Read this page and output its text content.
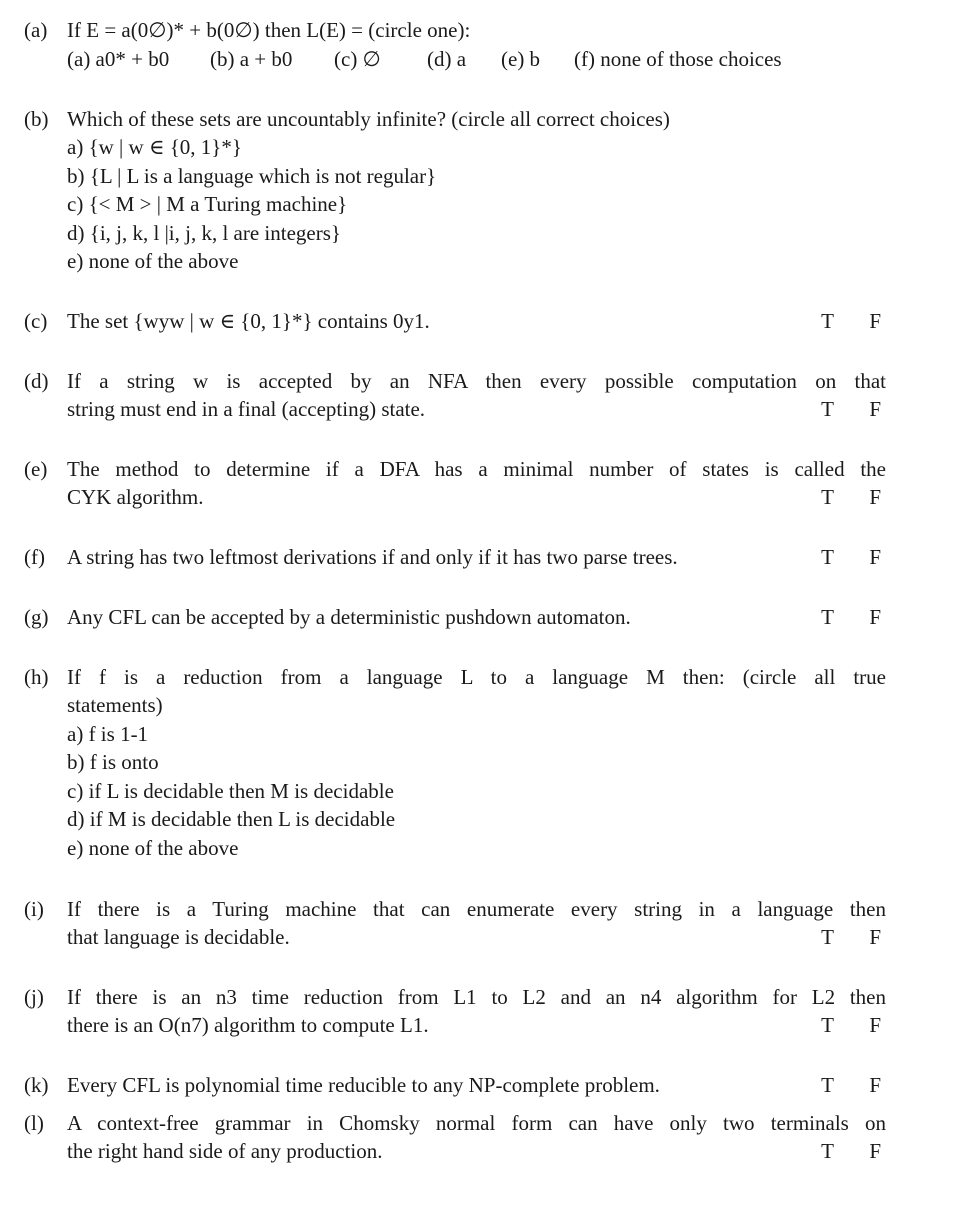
(a) If E = a(0∅)* + b(0∅) then L(E) = (circle one):
(a) a0* + b0 (b) a + b0 (c) ∅ (d) a (e) b (f) none of those choices
(b) Which of these sets are uncountably infinite? (circle all correct choices)
a) {w | w ∈ {0, 1}*}
b) {L | L is a language which is not regular}
c) {< M > | M a Turing machine}
d) {i, j, k, l |i, j, k, l are integers}
e) none of the above
(c) The set {wyw | w ∈ {0, 1}*} contains 0y1.	T F
(d) If a string w is accepted by an NFA then every possible computation on that
string must end in a final (accepting) state.	T F
(e) The method to determine if a DFA has a minimal number of states is called the
CYK algorithm.	T F
(f) A string has two leftmost derivations if and only if it has two parse trees.	T F
(g) Any CFL can be accepted by a deterministic pushdown automaton.	T F
(h) If f is a reduction from a language L to a language M then: (circle all true
statements)
a) f is 1-1
b) f is onto
c) if L is decidable then M is decidable
d) if M is decidable then L is decidable
e) none of the above
(i) If there is a Turing machine that can enumerate every string in a language then
that language is decidable.	T F
(j) If there is an n3 time reduction from L1 to L2 and an n4 algorithm for L2 then
there is an O(n7) algorithm to compute L1.	T F
(k) Every CFL is polynomial time reducible to any NP-complete problem.	T F
(l) A context-free grammar in Chomsky normal form can have only two terminals on
the right hand side of any production.	T F
